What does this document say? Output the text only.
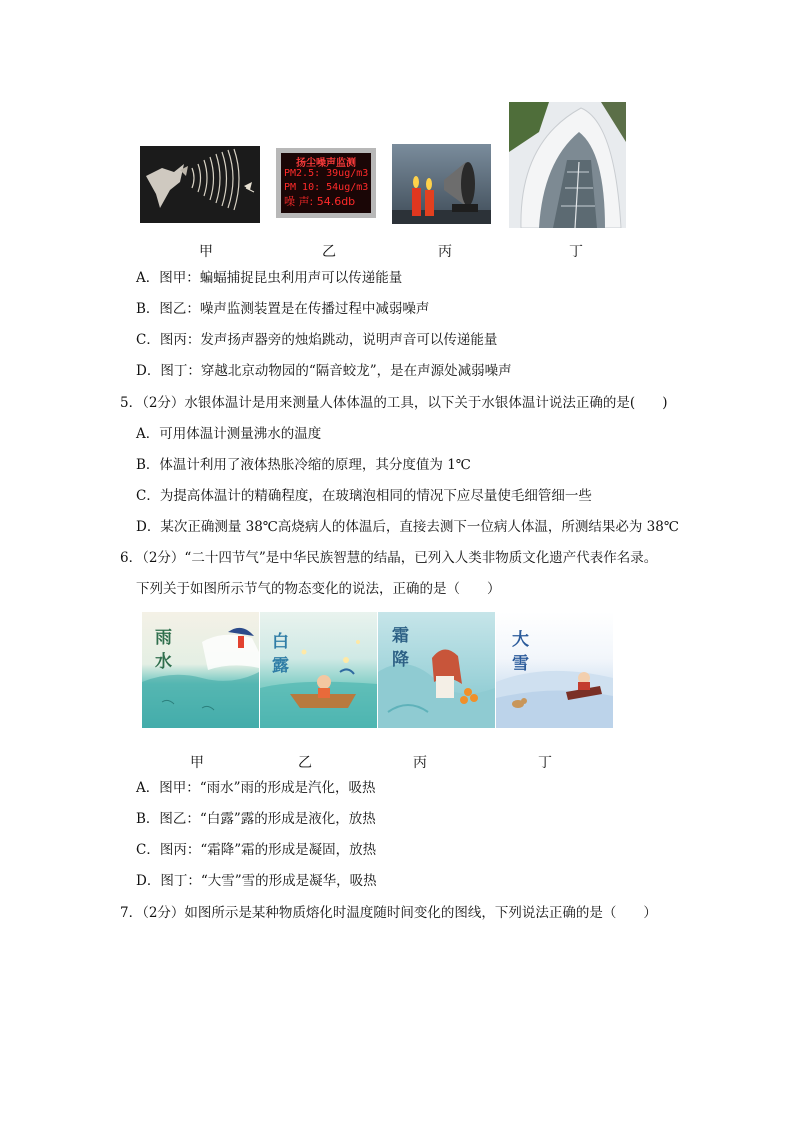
扬尘噪声监测
PM2.5: 39ug/m3
PM 10: 54ug/m3
噪 声: 54.6db
甲	乙	丙	丁
A．图甲：蝙蝠捕捉昆虫利用声可以传递能量
B．图乙：噪声监测装置是在传播过程中减弱噪声
C．图丙：发声扬声器旁的烛焰跳动，说明声音可以传递能量
D．图丁：穿越北京动物园的“隔音蛟龙”，是在声源处减弱噪声
5．（2分）水银体温计是用来测量人体体温的工具，以下关于水银体温计说法正确的是(　　)
A．可用体温计测量沸水的温度
B．体温计利用了液体热胀冷缩的原理，其分度值为 1℃
C．为提高体温计的精确程度，在玻璃泡相同的情况下应尽量使毛细管细一些
D．某次正确测量 38℃高烧病人的体温后，直接去测下一位病人体温，所测结果必为 38℃
6．（2分）“二十四节气”是中华民族智慧的结晶，已列入人类非物质文化遗产代表作名录。
下列关于如图所示节气的物态变化的说法，正确的是（　　）
雨
水
白
露
霜
降
大
雪
甲	乙	丙	丁
A．图甲：“雨水”雨的形成是汽化，吸热
B．图乙：“白露”露的形成是液化，放热
C．图丙：“霜降”霜的形成是凝固，放热
D．图丁：“大雪”雪的形成是凝华，吸热
7．（2分）如图所示是某种物质熔化时温度随时间变化的图线，下列说法正确的是（　　）
